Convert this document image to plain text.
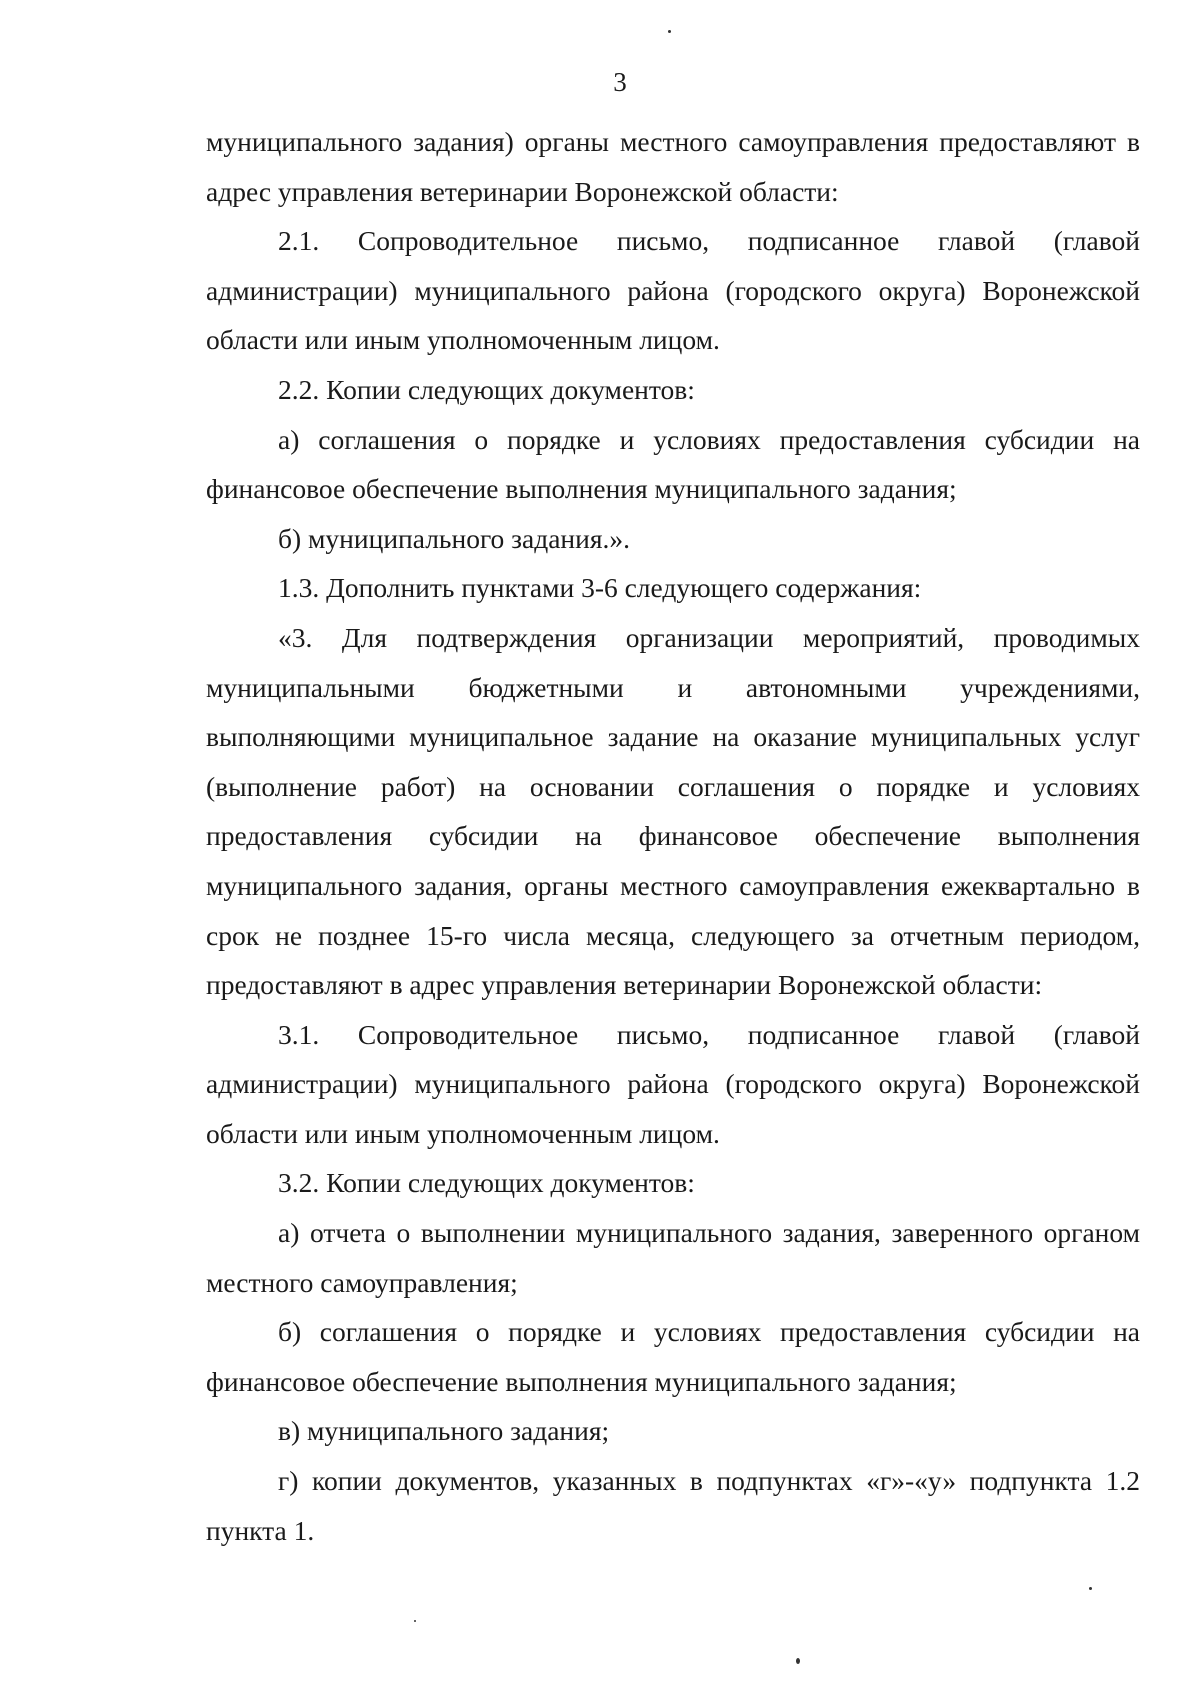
3

муниципального задания) органы местного самоуправления предоставляют в адрес управления ветеринарии Воронежской области:

2.1. Сопроводительное письмо, подписанное главой (главой администрации) муниципального района (городского округа) Воронежской области или иным уполномоченным лицом.

2.2. Копии следующих документов:

а) соглашения о порядке и условиях предоставления субсидии на финансовое обеспечение выполнения муниципального задания;

б) муниципального задания.».

1.3. Дополнить пунктами 3-6 следующего содержания:

«3. Для подтверждения организации мероприятий, проводимых муниципальными бюджетными и автономными учреждениями, выполняющими муниципальное задание на оказание муниципальных услуг (выполнение работ) на основании соглашения о порядке и условиях предоставления субсидии на финансовое обеспечение выполнения муниципального задания, органы местного самоуправления ежеквартально в срок не позднее 15-го числа месяца, следующего за отчетным периодом, предоставляют в адрес управления ветеринарии Воронежской области:

3.1. Сопроводительное письмо, подписанное главой (главой администрации) муниципального района (городского округа) Воронежской области или иным уполномоченным лицом.

3.2. Копии следующих документов:

а) отчета о выполнении муниципального задания, заверенного органом местного самоуправления;

б) соглашения о порядке и условиях предоставления субсидии на финансовое обеспечение выполнения муниципального задания;

в) муниципального задания;

г) копии документов, указанных в подпунктах «г»-«у» подпункта 1.2 пункта 1.
